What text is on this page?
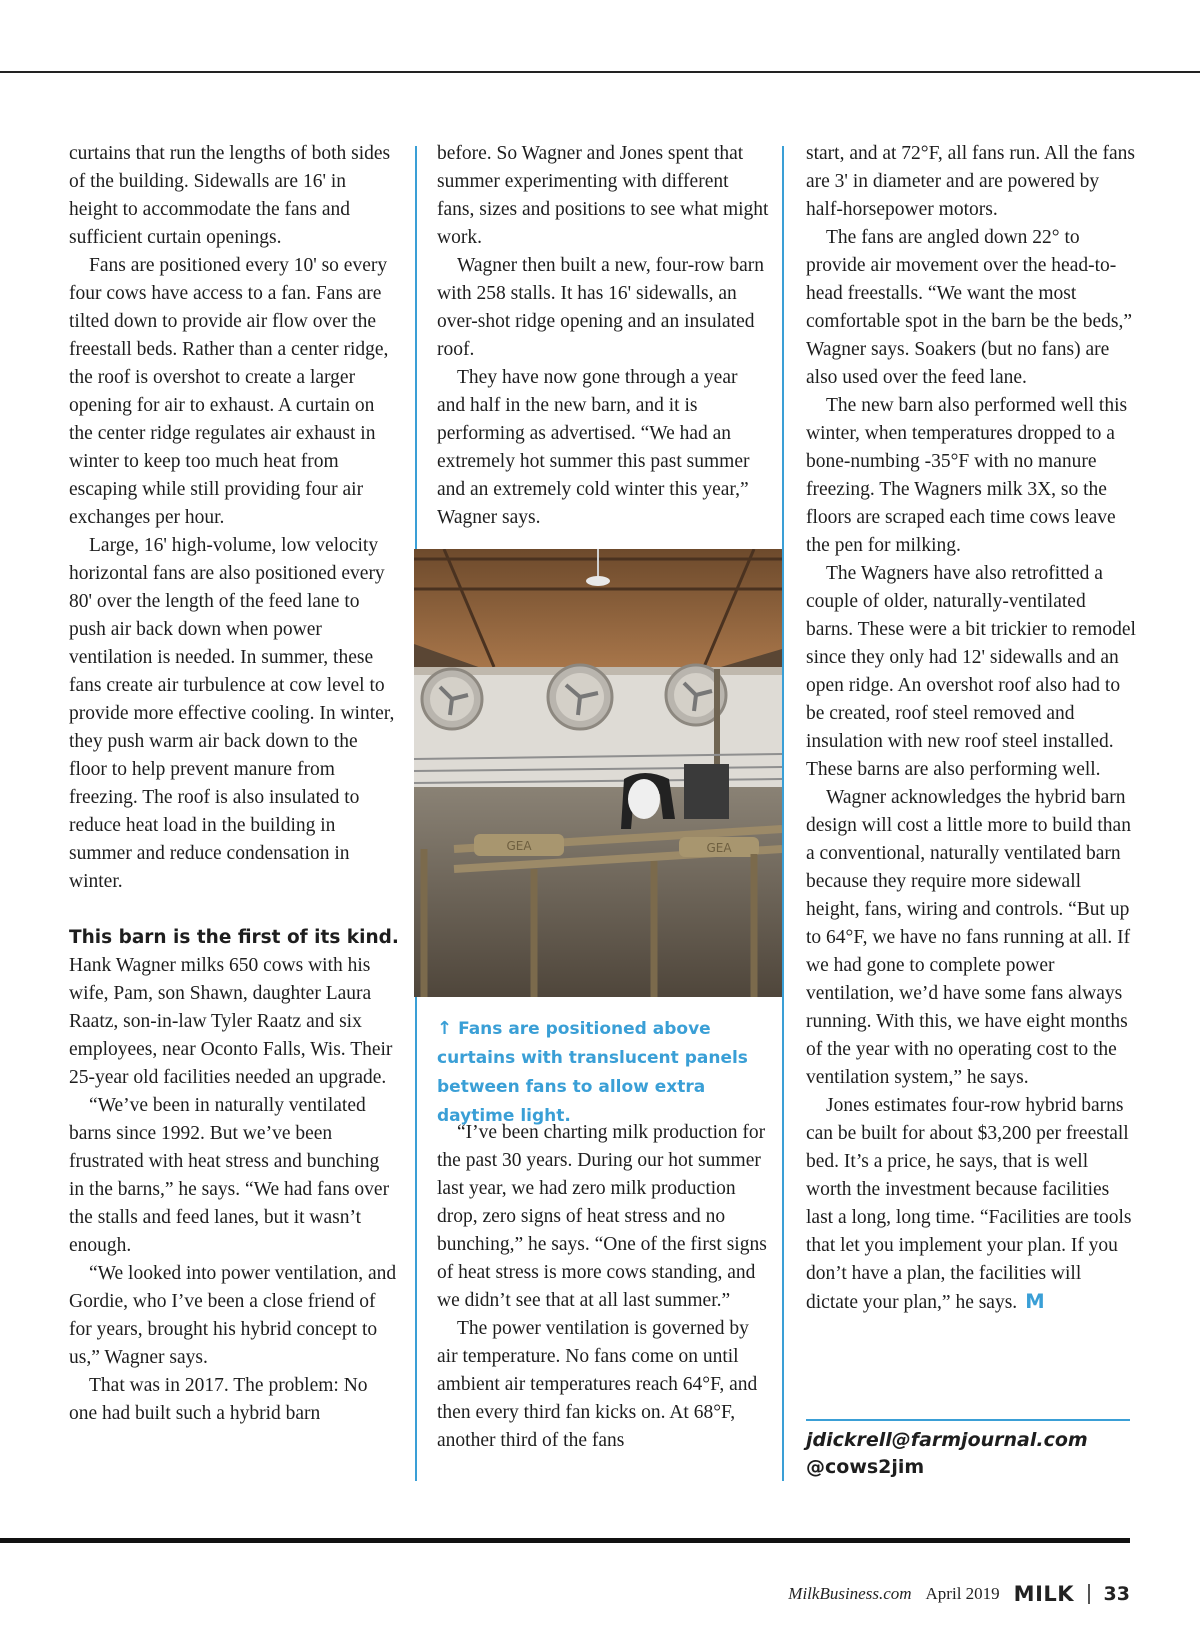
curtains that run the lengths of both sides of the building. Sidewalls are 16' in height to accommodate the fans and sufficient curtain openings.

Fans are positioned every 10' so every four cows have access to a fan. Fans are tilted down to provide air flow over the freestall beds. Rather than a center ridge, the roof is overshot to create a larger opening for air to exhaust. A curtain on the center ridge regulates air exhaust in winter to keep too much heat from escaping while still providing four air exchanges per hour.

Large, 16' high-volume, low velocity horizontal fans are also positioned every 80' over the length of the feed lane to push air back down when power ventilation is needed. In summer, these fans create air turbulence at cow level to provide more effective cooling. In winter, they push warm air back down to the floor to help prevent manure from freezing. The roof is also insulated to reduce heat load in the building in summer and reduce condensation in winter.

This barn is the first of its kind.

Hank Wagner milks 650 cows with his wife, Pam, son Shawn, daughter Laura Raatz, son-in-law Tyler Raatz and six employees, near Oconto Falls, Wis. Their 25-year old facilities needed an upgrade.

“We’ve been in naturally ventilated barns since 1992. But we’ve been frustrated with heat stress and bunching in the barns,” he says. “We had fans over the stalls and feed lanes, but it wasn’t enough.

“We looked into power ventilation, and Gordie, who I’ve been a close friend of for years, brought his hybrid concept to us,” Wagner says.

That was in 2017. The problem: No one had built such a hybrid barn

before. So Wagner and Jones spent that summer experimenting with different fans, sizes and positions to see what might work.

Wagner then built a new, four-row barn with 258 stalls. It has 16' sidewalls, an over-shot ridge opening and an insulated roof.

They have now gone through a year and half in the new barn, and it is performing as advertised. “We had an extremely hot summer this past summer and an extremely cold winter this year,” Wagner says.

GEA	GEA
↑ Fans are positioned above curtains with translucent panels between fans to allow extra daytime light.

“I’ve been charting milk production for the past 30 years. During our hot summer last year, we had zero milk production drop, zero signs of heat stress and no bunching,” he says. “One of the first signs of heat stress is more cows standing, and we didn’t see that at all last summer.”

The power ventilation is governed by air temperature. No fans come on until ambient air temperatures reach 64°F, and then every third fan kicks on. At 68°F, another third of the fans

start, and at 72°F, all fans run. All the fans are 3' in diameter and are powered by half-horsepower motors.

The fans are angled down 22° to provide air movement over the head-to-head freestalls. “We want the most comfortable spot in the barn be the beds,” Wagner says. Soakers (but no fans) are also used over the feed lane.

The new barn also performed well this winter, when temperatures dropped to a bone-numbing -35°F with no manure freezing. The Wagners milk 3X, so the floors are scraped each time cows leave the pen for milking.

The Wagners have also retrofitted a couple of older, naturally-ventilated barns. These were a bit trickier to remodel since they only had 12' sidewalls and an open ridge. An overshot roof also had to be created, roof steel removed and insulation with new roof steel installed. These barns are also performing well.

Wagner acknowledges the hybrid barn design will cost a little more to build than a conventional, naturally ventilated barn because they require more sidewall height, fans, wiring and controls. “But up to 64°F, we have no fans running at all. If we had gone to complete power ventilation, we’d have some fans always running. With this, we have eight months of the year with no operating cost to the ventilation system,” he says.

Jones estimates four-row hybrid barns can be built for about $3,200 per freestall bed. It’s a price, he says, that is well worth the investment because facilities last a long, long time. “Facilities are tools that let you implement your plan. If you don’t have a plan, the facilities will dictate your plan,” he says. M

jdickrell@farmjournal.com
@cows2jim
MilkBusiness.com April 2019 MILK 33
